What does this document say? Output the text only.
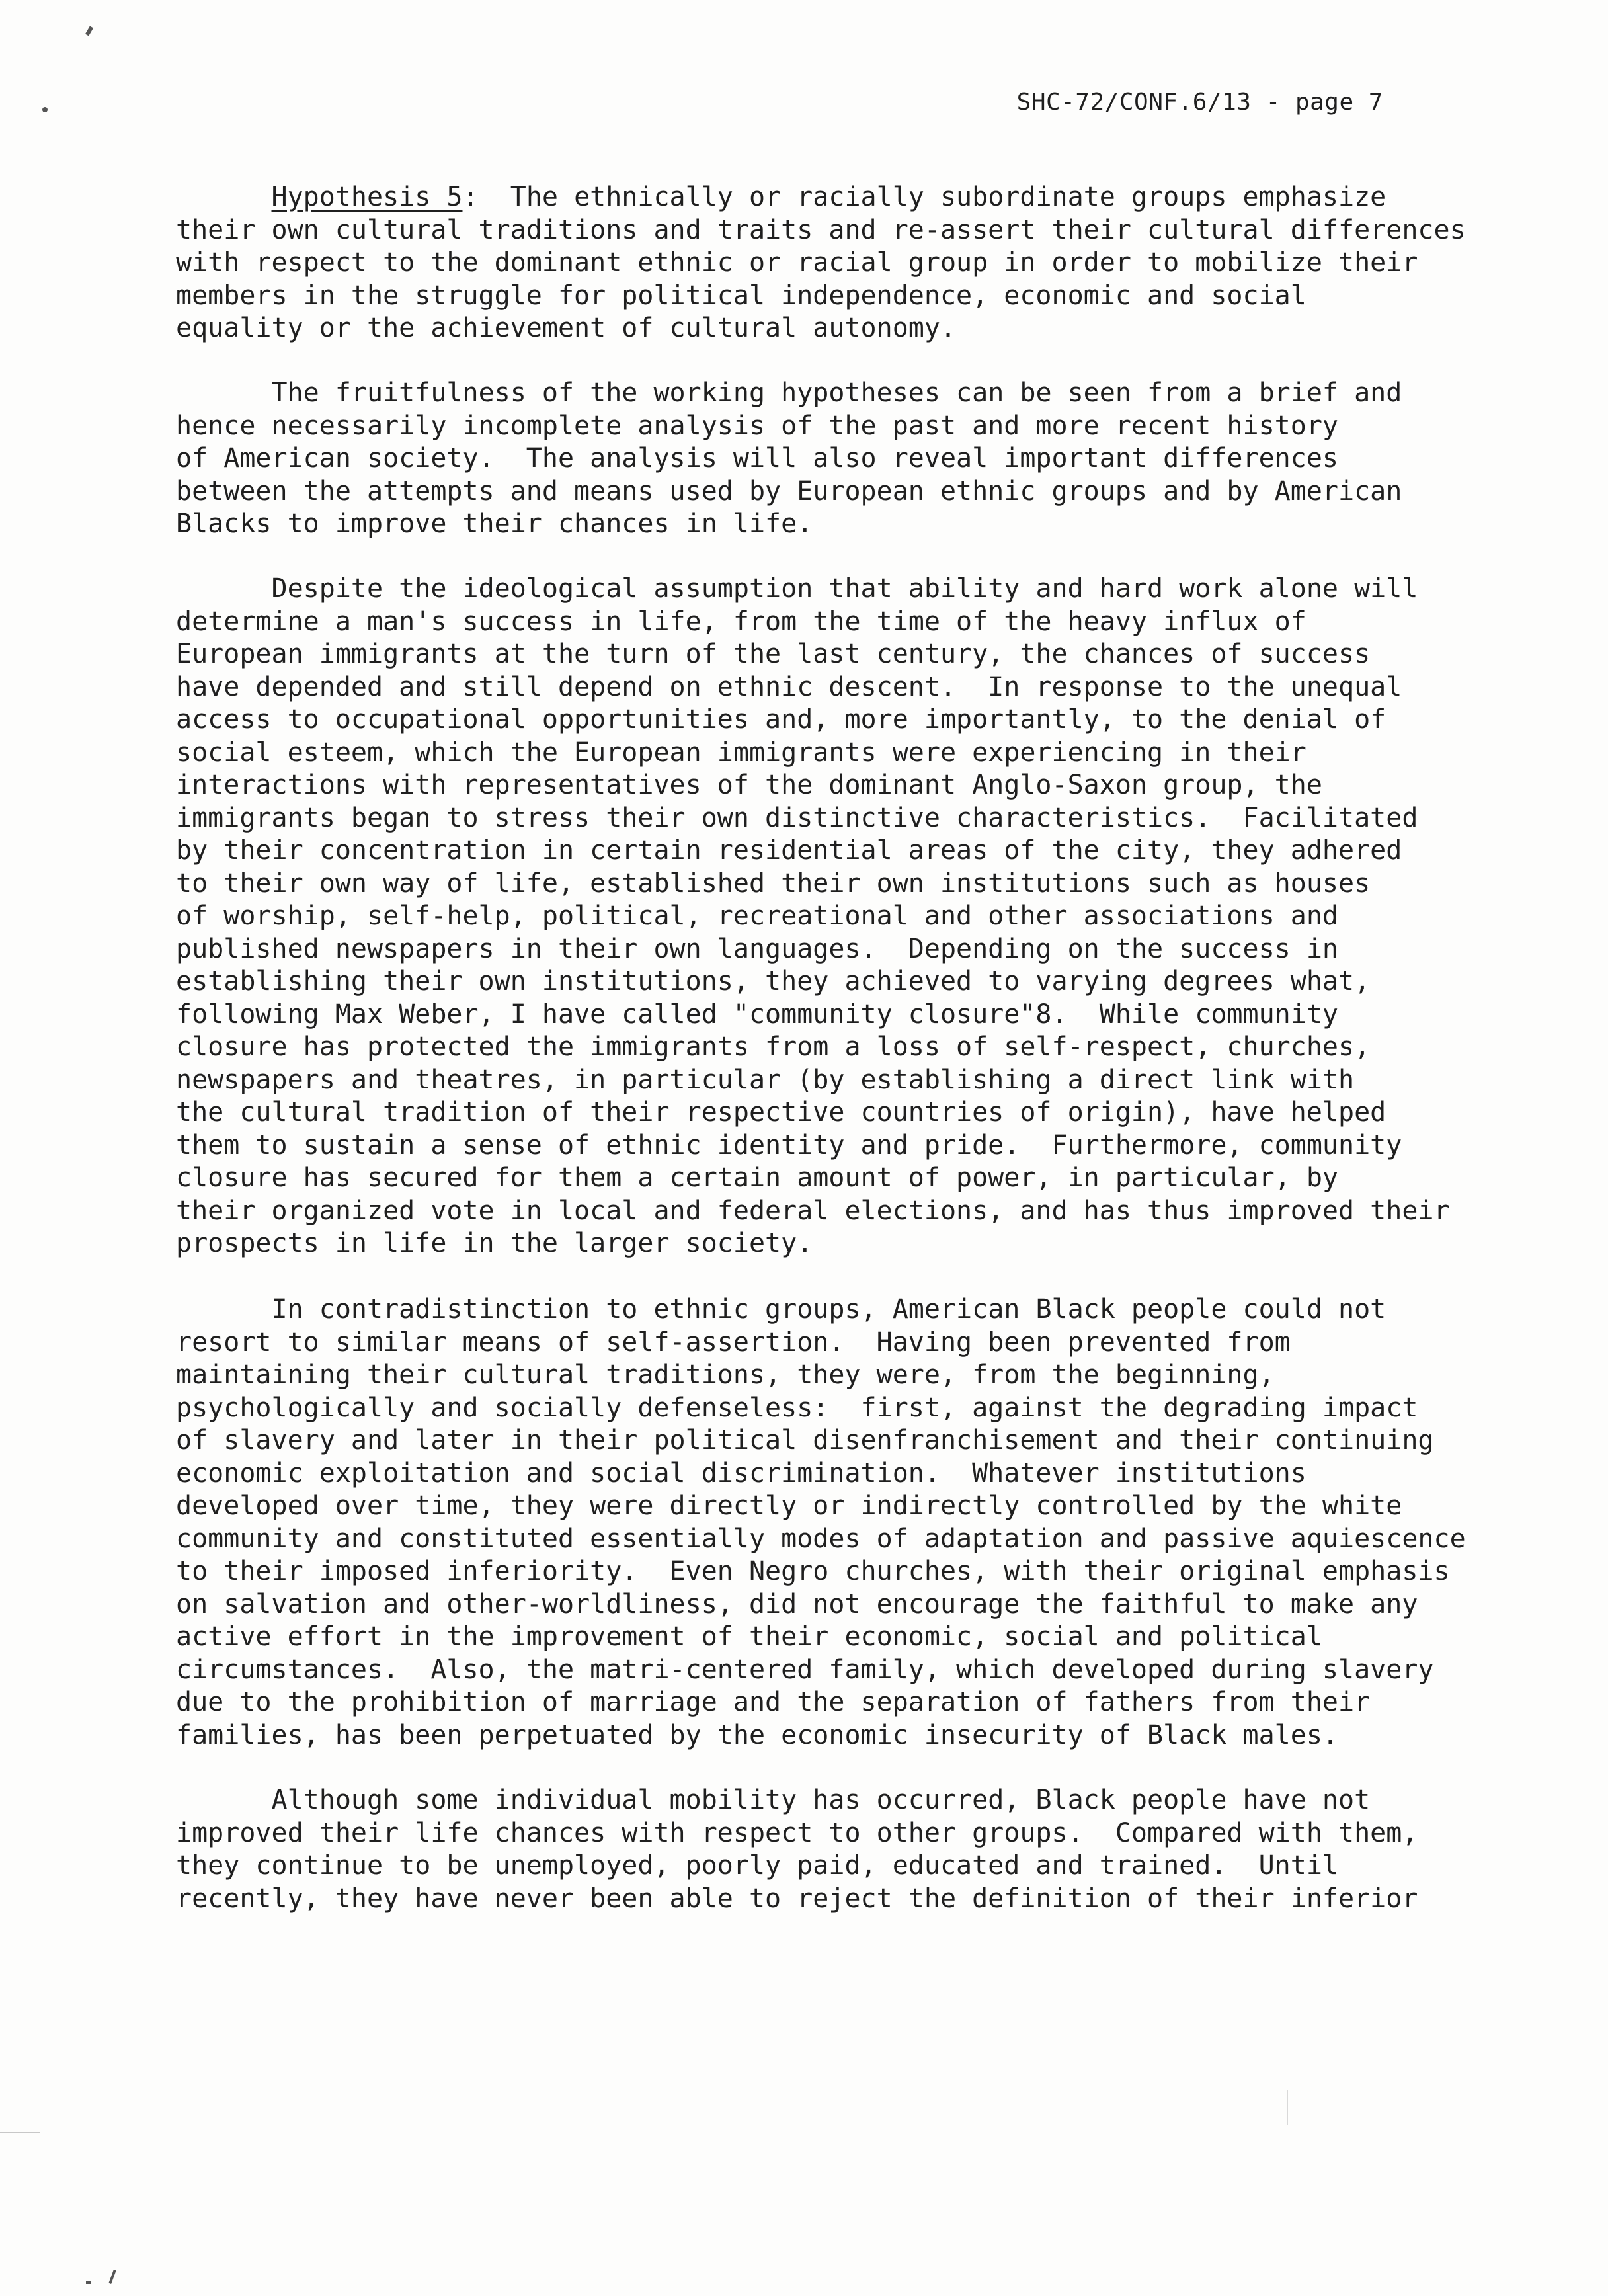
SHC-72/CONF.6/13 - page 7

Hypothesis 5:  The ethnically or racially subordinate groups emphasize
their own cultural traditions and traits and re-assert their cultural differences
with respect to the dominant ethnic or racial group in order to mobilize their
members in the struggle for political independence, economic and social
equality or the achievement of cultural autonomy.

The fruitfulness of the working hypotheses can be seen from a brief and
hence necessarily incomplete analysis of the past and more recent history
of American society.  The analysis will also reveal important differences
between the attempts and means used by European ethnic groups and by American
Blacks to improve their chances in life.

Despite the ideological assumption that ability and hard work alone will
determine a man's success in life, from the time of the heavy influx of
European immigrants at the turn of the last century, the chances of success
have depended and still depend on ethnic descent.  In response to the unequal
access to occupational opportunities and, more importantly, to the denial of
social esteem, which the European immigrants were experiencing in their
interactions with representatives of the dominant Anglo-Saxon group, the
immigrants began to stress their own distinctive characteristics.  Facilitated
by their concentration in certain residential areas of the city, they adhered
to their own way of life, established their own institutions such as houses
of worship, self-help, political, recreational and other associations and
published newspapers in their own languages.  Depending on the success in
establishing their own institutions, they achieved to varying degrees what,
following Max Weber, I have called "community closure"8.  While community
closure has protected the immigrants from a loss of self-respect, churches,
newspapers and theatres, in particular (by establishing a direct link with
the cultural tradition of their respective countries of origin), have helped
them to sustain a sense of ethnic identity and pride.  Furthermore, community
closure has secured for them a certain amount of power, in particular, by
their organized vote in local and federal elections, and has thus improved their
prospects in life in the larger society.

In contradistinction to ethnic groups, American Black people could not
resort to similar means of self-assertion.  Having been prevented from
maintaining their cultural traditions, they were, from the beginning,
psychologically and socially defenseless:  first, against the degrading impact
of slavery and later in their political disenfranchisement and their continuing
economic exploitation and social discrimination.  Whatever institutions
developed over time, they were directly or indirectly controlled by the white
community and constituted essentially modes of adaptation and passive aquiescence
to their imposed inferiority.  Even Negro churches, with their original emphasis
on salvation and other-worldliness, did not encourage the faithful to make any
active effort in the improvement of their economic, social and political
circumstances.  Also, the matri-centered family, which developed during slavery
due to the prohibition of marriage and the separation of fathers from their
families, has been perpetuated by the economic insecurity of Black males.

Although some individual mobility has occurred, Black people have not
improved their life chances with respect to other groups.  Compared with them,
they continue to be unemployed, poorly paid, educated and trained.  Until
recently, they have never been able to reject the definition of their inferior
